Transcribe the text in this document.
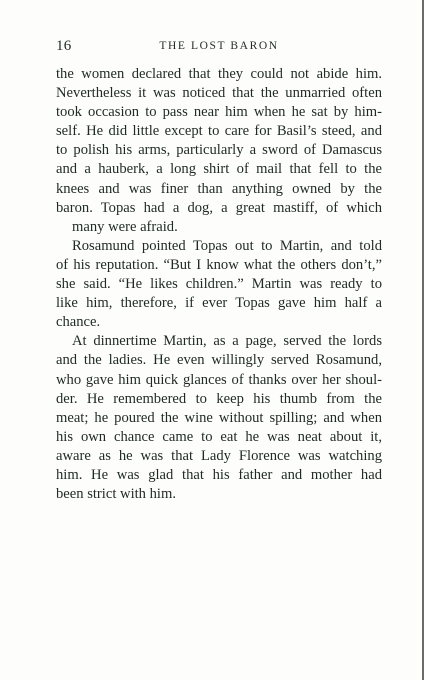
16	THE LOST BARON
the women declared that they could not abide him.
Nevertheless it was noticed that the unmarried often
took occasion to pass near him when he sat by him-
self. He did little except to care for Basil’s steed, and
to polish his arms, particularly a sword of Damascus
and a hauberk, a long shirt of mail that fell to the
knees and was finer than anything owned by the
baron. Topas had a dog, a great mastiff, of which
many were afraid.
Rosamund pointed Topas out to Martin, and told
of his reputation. “But I know what the others don’t,”
she said. “He likes children.” Martin was ready to
like him, therefore, if ever Topas gave him half a
chance.
At dinnertime Martin, as a page, served the lords
and the ladies. He even willingly served Rosamund,
who gave him quick glances of thanks over her shoul-
der. He remembered to keep his thumb from the
meat; he poured the wine without spilling; and when
his own chance came to eat he was neat about it,
aware as he was that Lady Florence was watching
him. He was glad that his father and mother had
been strict with him.
